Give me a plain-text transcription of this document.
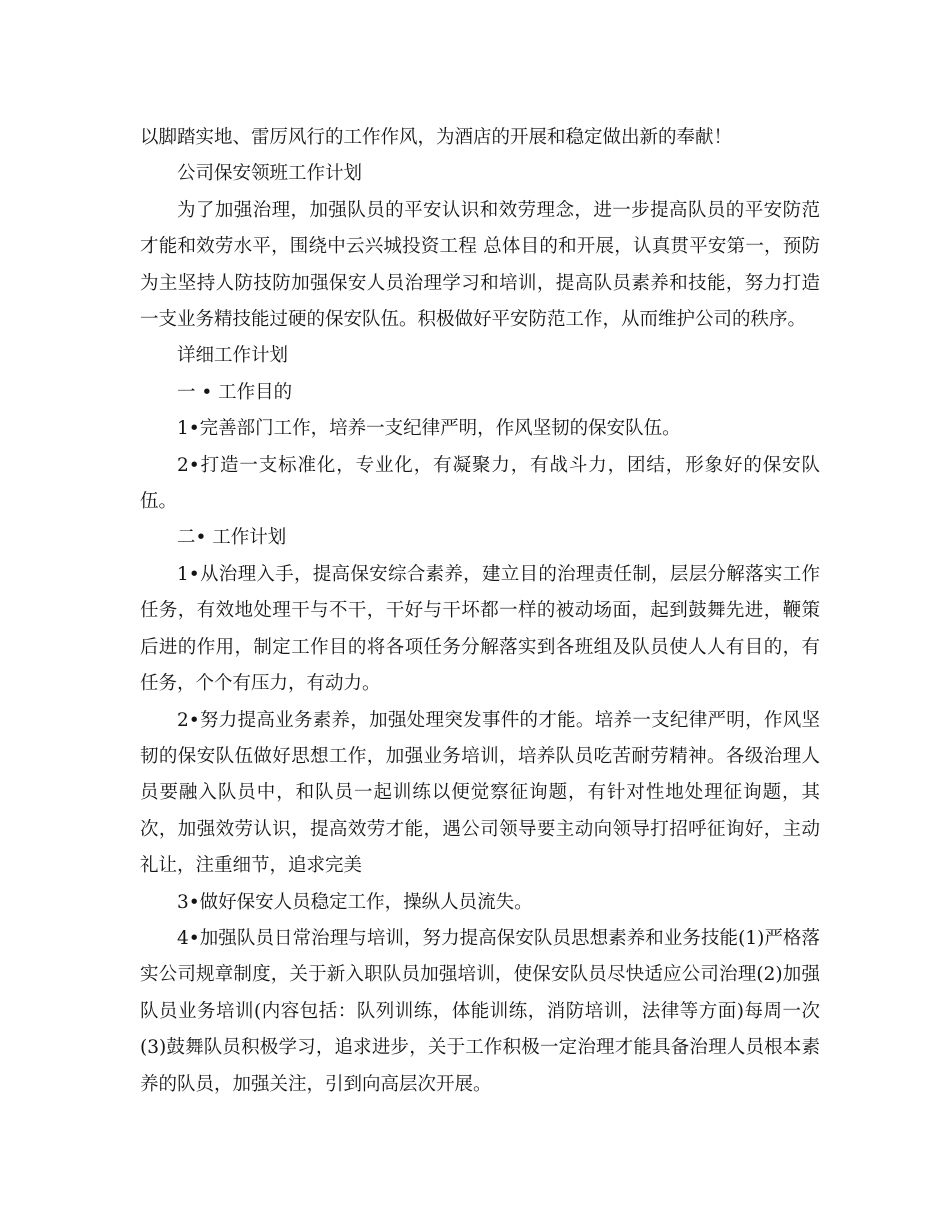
以脚踏实地、雷厉风行的工作作风，为酒店的开展和稳定做出新的奉献！

公司保安领班工作计划

为了加强治理，加强队员的平安认识和效劳理念，进一步提高队员的平安防范才能和效劳水平，围绕中云兴城投资工程 总体目的和开展，认真贯平安第一，预防为主坚持人防技防加强保安人员治理学习和培训，提高队员素养和技能，努力打造一支业务精技能过硬的保安队伍。积极做好平安防范工作，从而维护公司的秩序。

详细工作计划

一 • 工作目的

1•完善部门工作，培养一支纪律严明，作风坚韧的保安队伍。

2•打造一支标准化，专业化，有凝聚力，有战斗力，团结，形象好的保安队伍。

二• 工作计划

1•从治理入手，提高保安综合素养，建立目的治理责任制，层层分解落实工作任务，有效地处理干与不干，干好与干坏都一样的被动场面，起到鼓舞先进，鞭策后进的作用，制定工作目的将各项任务分解落实到各班组及队员使人人有目的，有任务，个个有压力，有动力。

2•努力提高业务素养，加强处理突发事件的才能。培养一支纪律严明，作风坚韧的保安队伍做好思想工作，加强业务培训，培养队员吃苦耐劳精神。各级治理人员要融入队员中，和队员一起训练以便觉察征询题，有针对性地处理征询题，其次，加强效劳认识，提高效劳才能，遇公司领导要主动向领导打招呼征询好，主动礼让，注重细节，追求完美

3•做好保安人员稳定工作，操纵人员流失。

4•加强队员日常治理与培训，努力提高保安队员思想素养和业务技能(1)严格落实公司规章制度，关于新入职队员加强培训，使保安队员尽快适应公司治理(2)加强队员业务培训(内容包括：队列训练，体能训练，消防培训，法律等方面)每周一次(3)鼓舞队员积极学习，追求进步，关于工作积极一定治理才能具备治理人员根本素养的队员，加强关注，引到向高层次开展。
